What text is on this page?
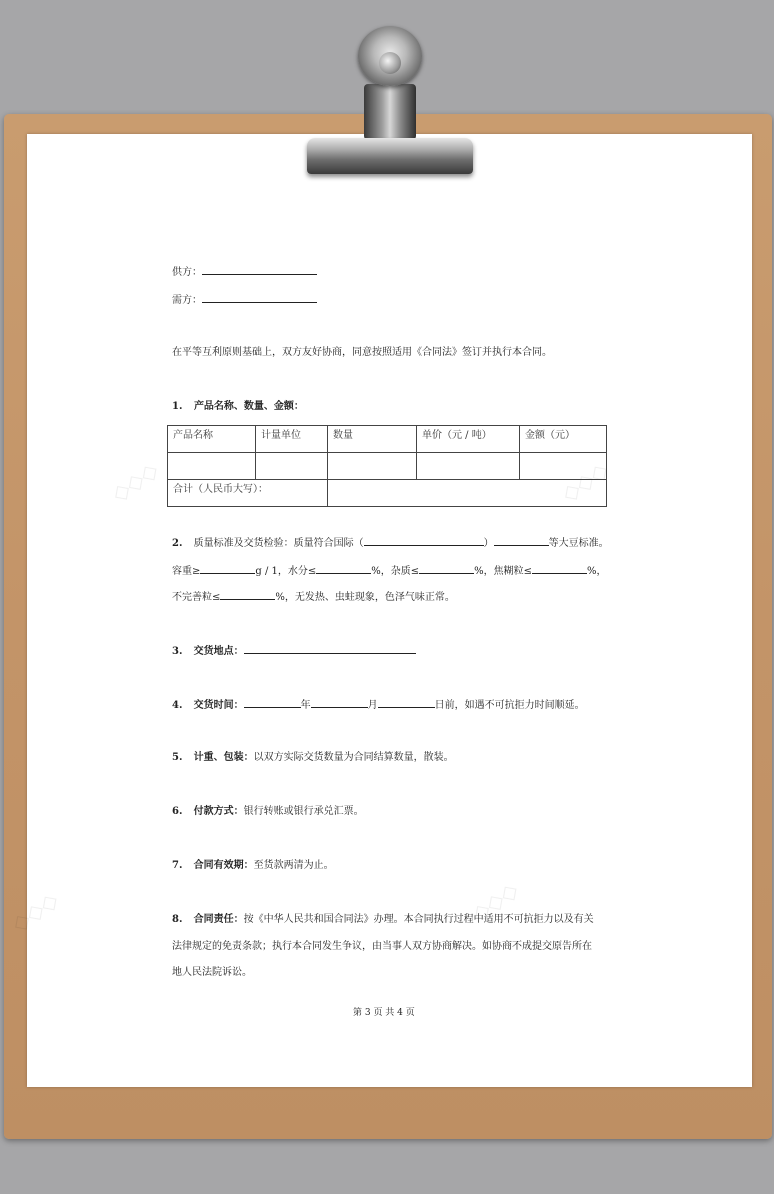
◇◇◇	◇◇◇
◇◇◇	◇◇◇
供方：
需方：
在平等互利原则基础上，双方友好协商，同意按照适用《合同法》签订并执行本合同。
1. 产品名称、数量、金额：
产品名称	计量单位	数量	单价（元 / 吨）	金额（元）

合计（人民币大写）：				
2. 质量标准及交货检验：质量符合国际（	）	等大豆标准。
容重≥	g / 1，水分≤	%，杂质≤	%，焦糊粒≤	%，
不完善粒≤	%，无发热、虫蛀现象，色泽气味正常。
3. 交货地点：
4. 交货时间：	年	月	日前，如遇不可抗拒力时间顺延。
5. 计重、包装：以双方实际交货数量为合同结算数量，散装。
6. 付款方式：银行转账或银行承兑汇票。
7. 合同有效期：至货款两清为止。
8. 合同责任：按《中华人民共和国合同法》办理。本合同执行过程中适用不可抗拒力以及有关
法律规定的免责条款；执行本合同发生争议，由当事人双方协商解决。如协商不成提交原告所在
地人民法院诉讼。
第 3 页 共 4 页
